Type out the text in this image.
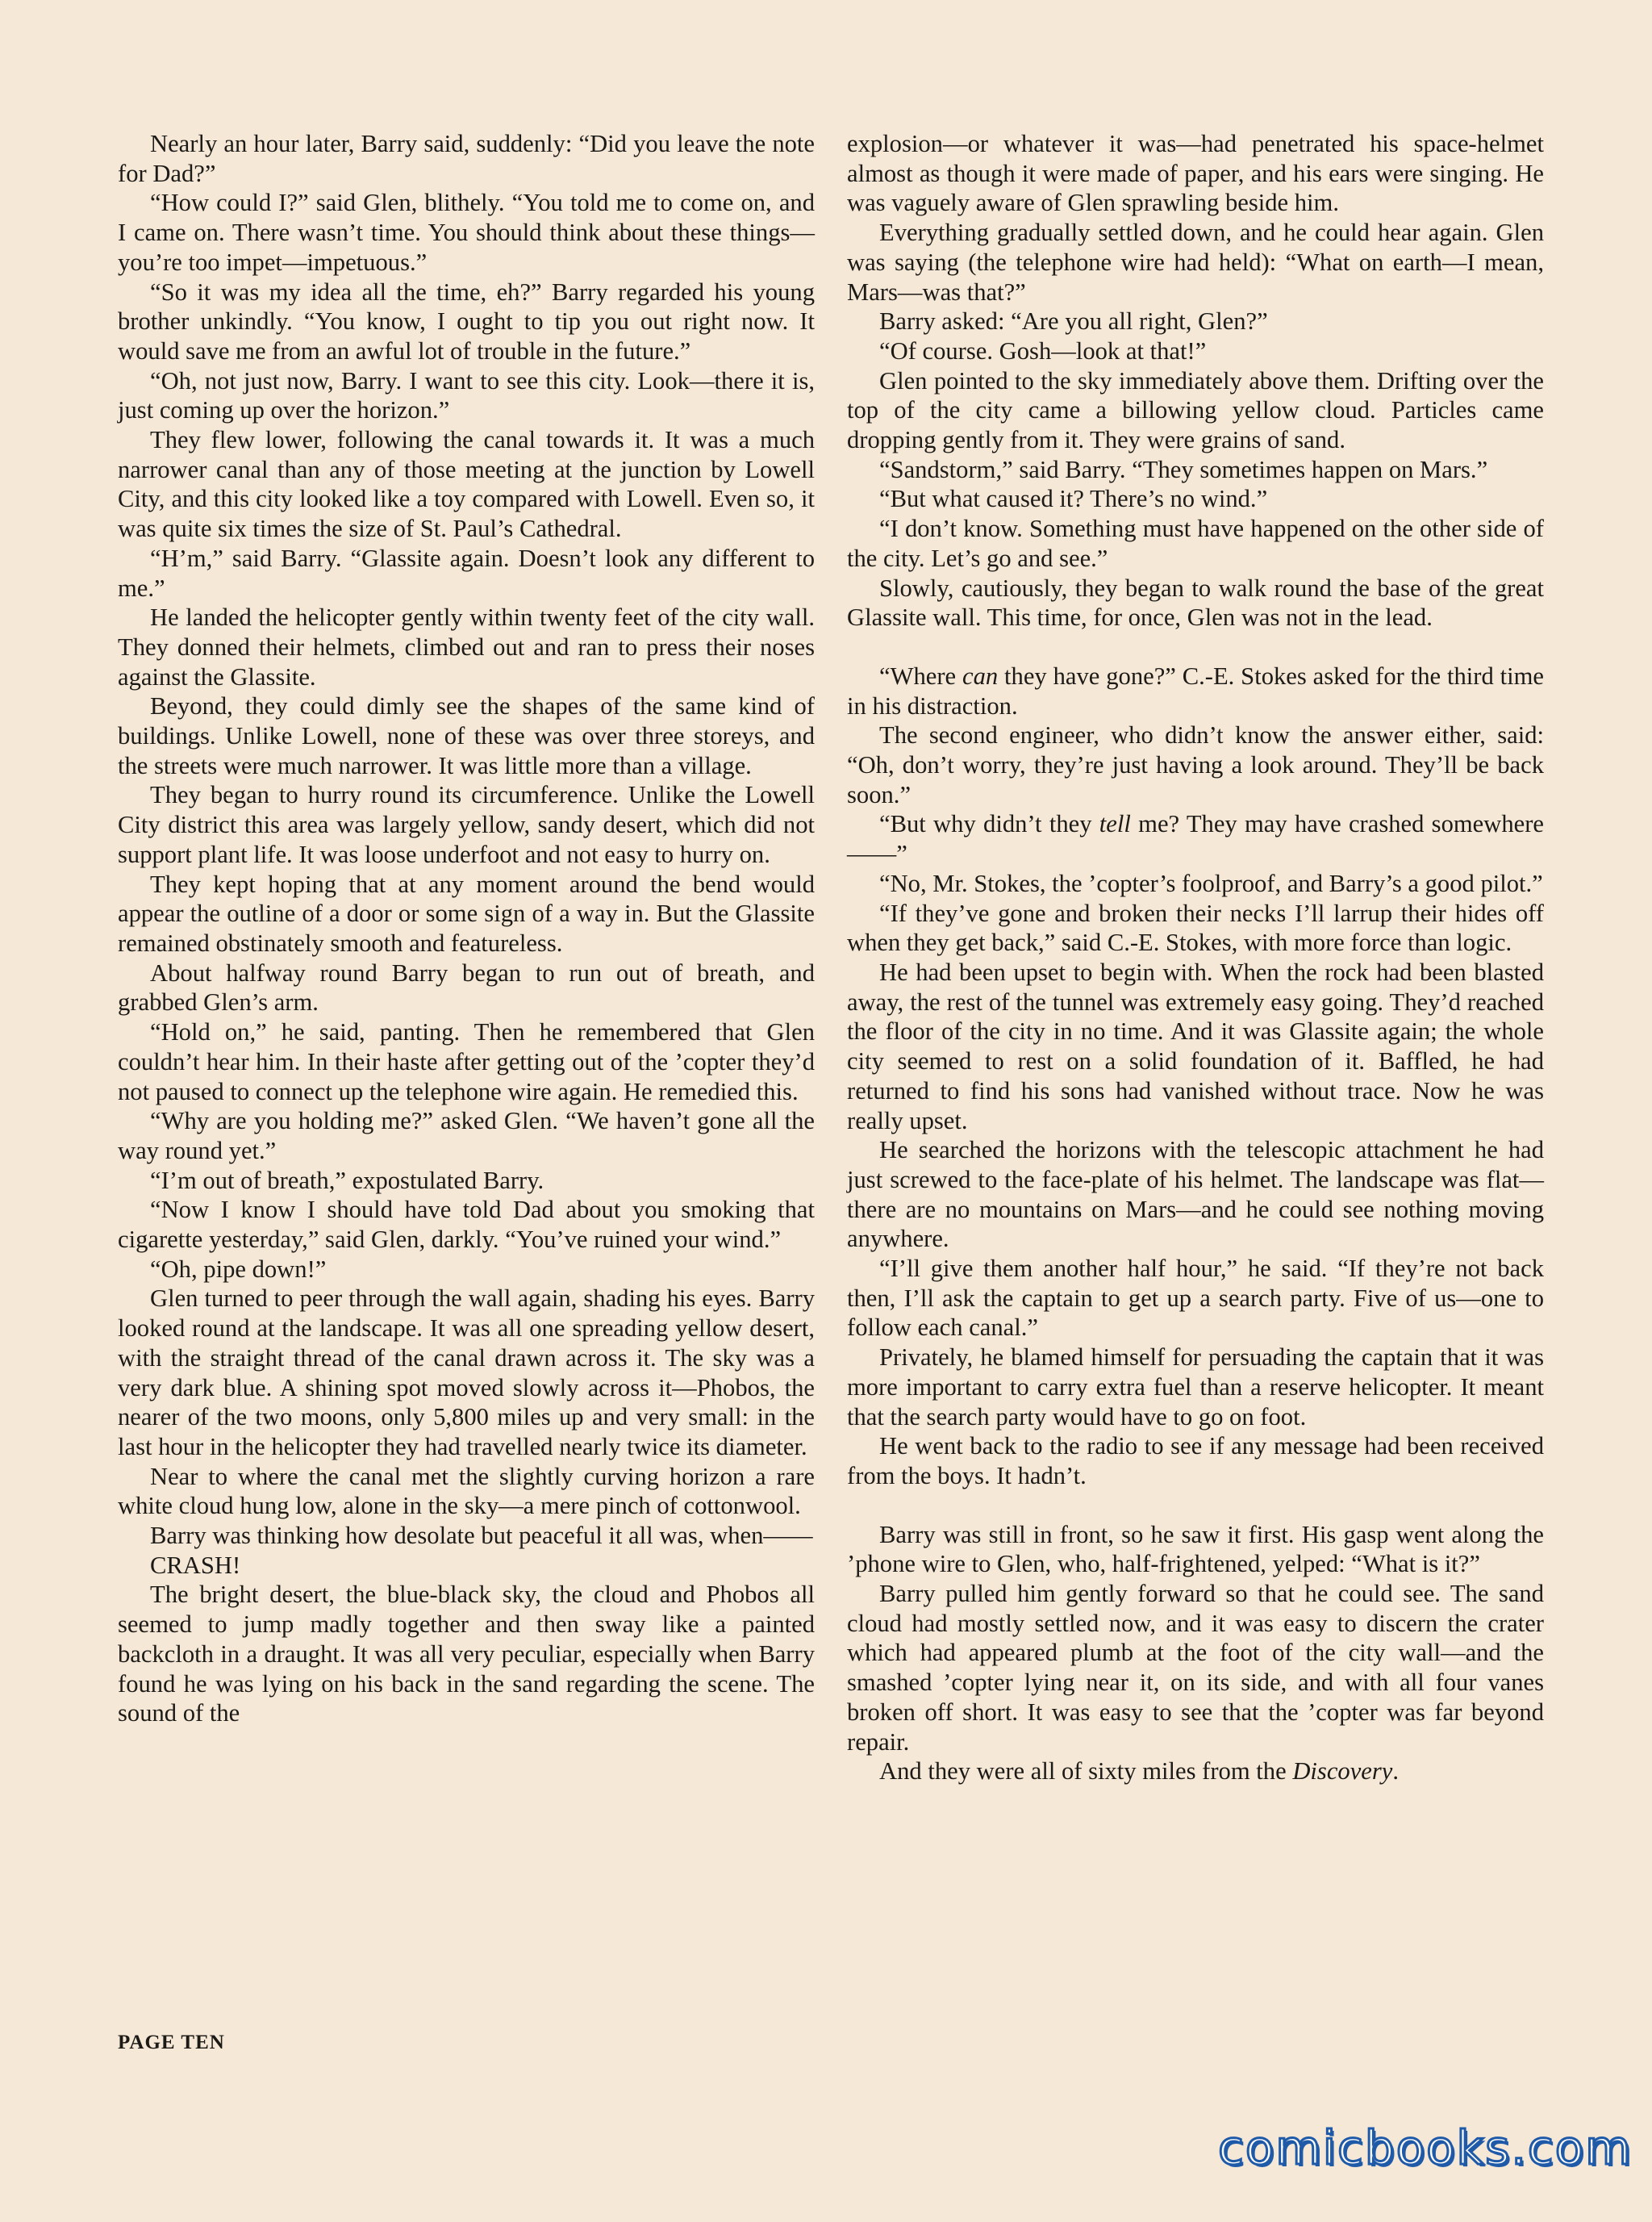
Nearly an hour later, Barry said, suddenly: “Did you leave the note for Dad?”

“How could I?” said Glen, blithely. “You told me to come on, and I came on. There wasn’t time. You should think about these things—you’re too impet—impetuous.”

“So it was my idea all the time, eh?” Barry regarded his young brother unkindly. “You know, I ought to tip you out right now. It would save me from an awful lot of trouble in the future.”

“Oh, not just now, Barry. I want to see this city. Look—there it is, just coming up over the horizon.”

They flew lower, following the canal towards it. It was a much narrower canal than any of those meeting at the junction by Lowell City, and this city looked like a toy compared with Lowell. Even so, it was quite six times the size of St. Paul’s Cathedral.

“H’m,” said Barry. “Glassite again. Doesn’t look any different to me.”

He landed the helicopter gently within twenty feet of the city wall. They donned their helmets, climbed out and ran to press their noses against the Glassite.

Beyond, they could dimly see the shapes of the same kind of buildings. Unlike Lowell, none of these was over three storeys, and the streets were much narrower. It was little more than a village.

They began to hurry round its circumference. Unlike the Lowell City district this area was largely yellow, sandy desert, which did not support plant life. It was loose underfoot and not easy to hurry on.

They kept hoping that at any moment around the bend would appear the outline of a door or some sign of a way in. But the Glassite remained obstinately smooth and featureless.

About halfway round Barry began to run out of breath, and grabbed Glen’s arm.

“Hold on,” he said, panting. Then he remembered that Glen couldn’t hear him. In their haste after getting out of the ’copter they’d not paused to connect up the telephone wire again. He remedied this.

“Why are you holding me?” asked Glen. “We haven’t gone all the way round yet.”

“I’m out of breath,” expostulated Barry.

“Now I know I should have told Dad about you smoking that cigarette yesterday,” said Glen, darkly. “You’ve ruined your wind.”

“Oh, pipe down!”

Glen turned to peer through the wall again, shading his eyes. Barry looked round at the landscape. It was all one spreading yellow desert, with the straight thread of the canal drawn across it. The sky was a very dark blue. A shining spot moved slowly across it—Phobos, the nearer of the two moons, only 5,800 miles up and very small: in the last hour in the helicopter they had travelled nearly twice its diameter.

Near to where the canal met the slightly curving horizon a rare white cloud hung low, alone in the sky—a mere pinch of cottonwool.

Barry was thinking how desolate but peaceful it all was, when——

CRASH!

The bright desert, the blue-black sky, the cloud and Phobos all seemed to jump madly together and then sway like a painted backcloth in a draught. It was all very peculiar, especially when Barry found he was lying on his back in the sand regarding the scene. The sound of the

explosion—or whatever it was—had penetrated his space-helmet almost as though it were made of paper, and his ears were singing. He was vaguely aware of Glen sprawling beside him.

Everything gradually settled down, and he could hear again. Glen was saying (the telephone wire had held): “What on earth—I mean, Mars—was that?”

Barry asked: “Are you all right, Glen?”

“Of course. Gosh—look at that!”

Glen pointed to the sky immediately above them. Drifting over the top of the city came a billowing yellow cloud. Particles came dropping gently from it. They were grains of sand.

“Sandstorm,” said Barry. “They sometimes happen on Mars.”

“But what caused it? There’s no wind.”

“I don’t know. Something must have happened on the other side of the city. Let’s go and see.”

Slowly, cautiously, they began to walk round the base of the great Glassite wall. This time, for once, Glen was not in the lead.

“Where can they have gone?” C.-E. Stokes asked for the third time in his distraction.

The second engineer, who didn’t know the answer either, said: “Oh, don’t worry, they’re just having a look around. They’ll be back soon.”

“But why didn’t they tell me? They may have crashed somewhere——”

“No, Mr. Stokes, the ’copter’s foolproof, and Barry’s a good pilot.”

“If they’ve gone and broken their necks I’ll larrup their hides off when they get back,” said C.-E. Stokes, with more force than logic.

He had been upset to begin with. When the rock had been blasted away, the rest of the tunnel was extremely easy going. They’d reached the floor of the city in no time. And it was Glassite again; the whole city seemed to rest on a solid foundation of it. Baffled, he had returned to find his sons had vanished without trace. Now he was really upset.

He searched the horizons with the telescopic attachment he had just screwed to the face-plate of his helmet. The landscape was flat—there are no mountains on Mars—and he could see nothing moving anywhere.

“I’ll give them another half hour,” he said. “If they’re not back then, I’ll ask the captain to get up a search party. Five of us—one to follow each canal.”

Privately, he blamed himself for persuading the captain that it was more important to carry extra fuel than a reserve helicopter. It meant that the search party would have to go on foot.

He went back to the radio to see if any message had been received from the boys. It hadn’t.

Barry was still in front, so he saw it first. His gasp went along the ’phone wire to Glen, who, half-frightened, yelped: “What is it?”

Barry pulled him gently forward so that he could see. The sand cloud had mostly settled now, and it was easy to discern the crater which had appeared plumb at the foot of the city wall—and the smashed ’copter lying near it, on its side, and with all four vanes broken off short. It was easy to see that the ’copter was far beyond repair.

And they were all of sixty miles from the Discovery.

PAGE TEN
comicbooks.com
